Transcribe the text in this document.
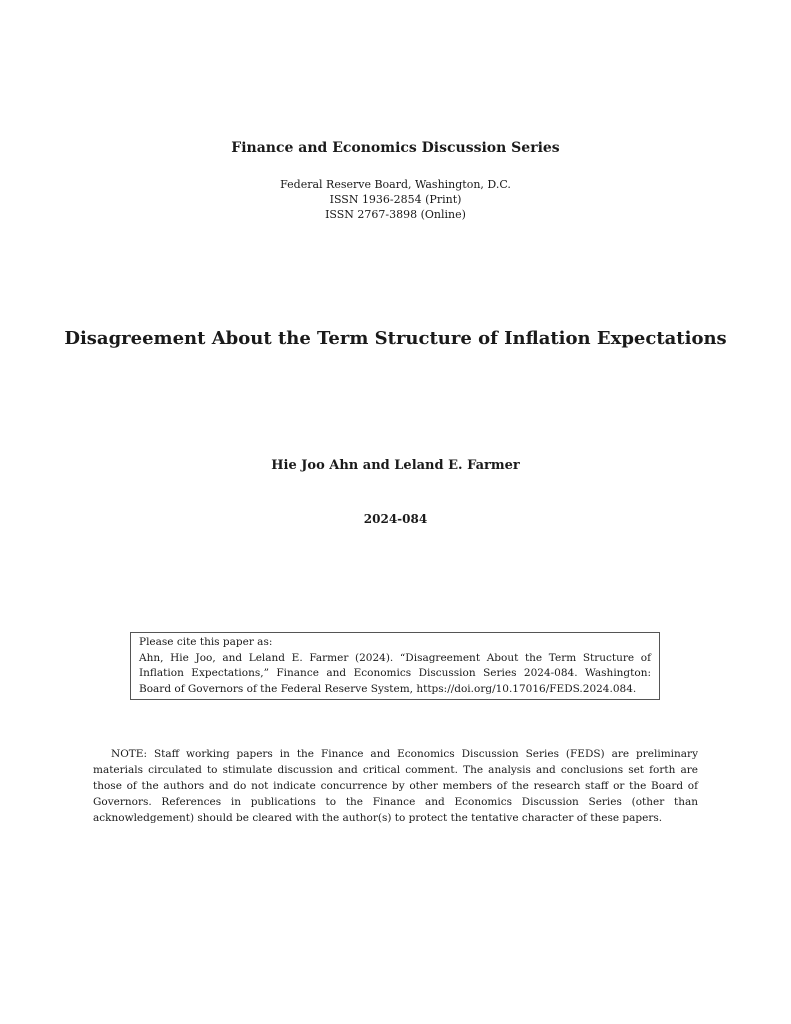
Finance and Economics Discussion Series
Federal Reserve Board, Washington, D.C.
ISSN 1936-2854 (Print)
ISSN 2767-3898 (Online)
Disagreement About the Term Structure of Inflation Expectations
Hie Joo Ahn and Leland E. Farmer
2024-084
Please cite this paper as:
Ahn, Hie Joo, and Leland E. Farmer (2024). “Disagreement About the Term Structure of Inflation Expectations,” Finance and Economics Discussion Series 2024-084. Washington: Board of Governors of the Federal Reserve System, https://doi.org/10.17016/FEDS.2024.084.
NOTE: Staff working papers in the Finance and Economics Discussion Series (FEDS) are preliminary materials circulated to stimulate discussion and critical comment. The analysis and conclusions set forth are those of the authors and do not indicate concurrence by other members of the research staff or the Board of Governors. References in publications to the Finance and Economics Discussion Series (other than acknowledgement) should be cleared with the author(s) to protect the tentative character of these papers.
